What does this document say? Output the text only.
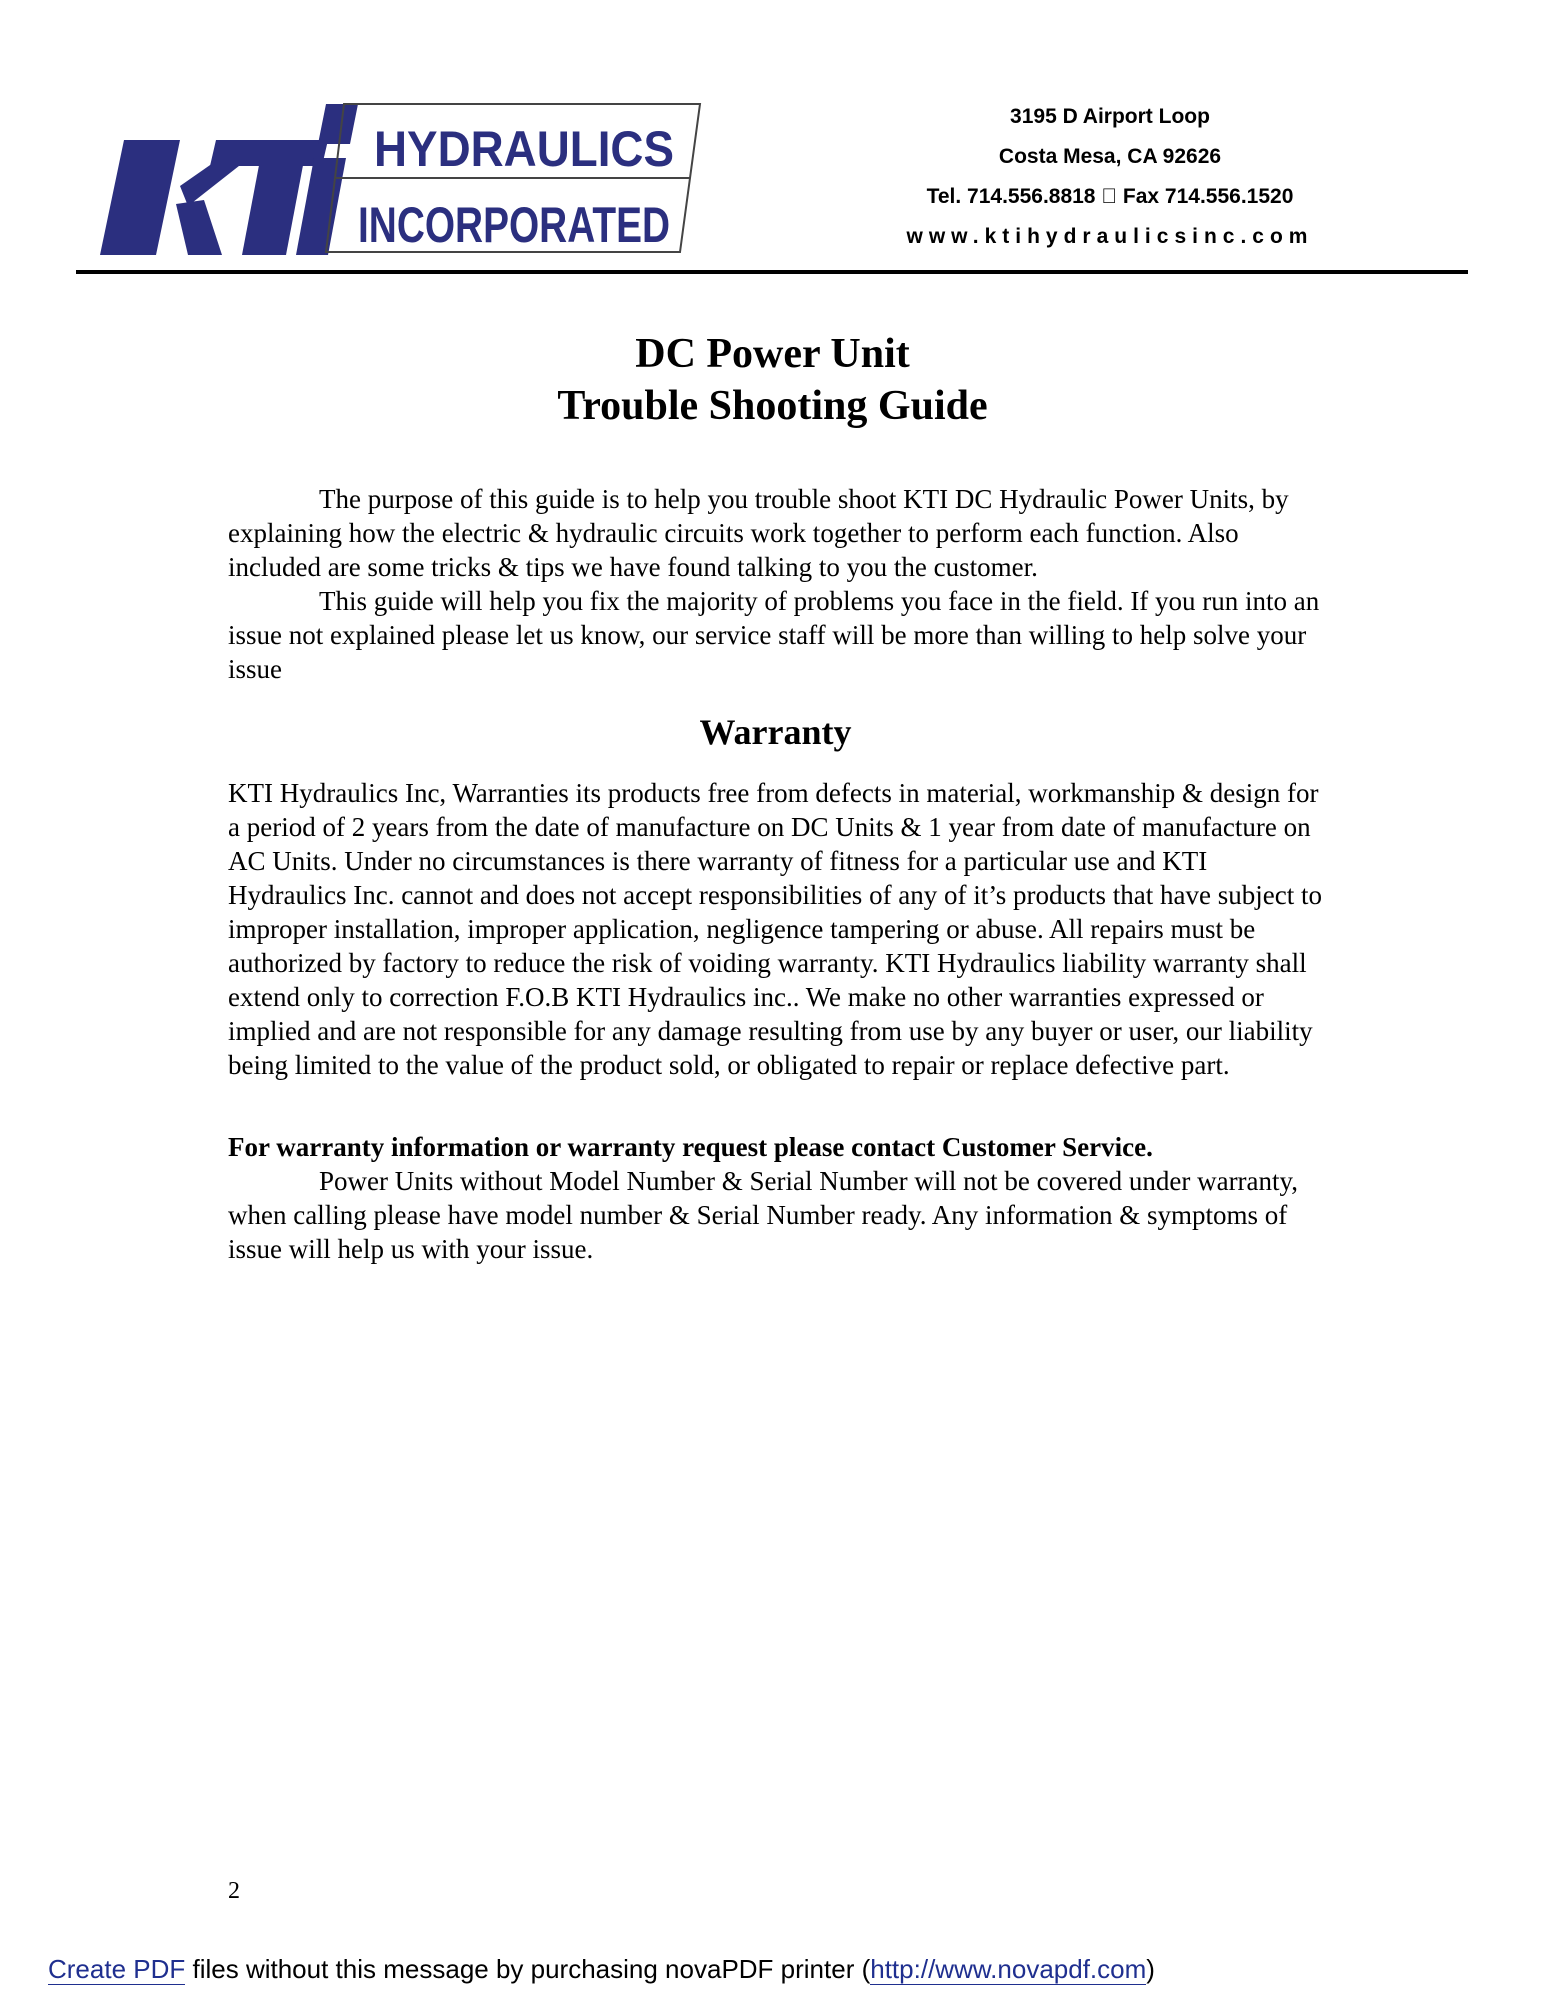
HYDRAULICS
INCORPORATED
3195 D Airport Loop
Costa Mesa, CA 92626
Tel. 714.556.8818 Fax 714.556.1520
www.ktihydraulicsinc.com
DC Power Unit
Trouble Shooting Guide

The purpose of this guide is to help you trouble shoot KTI DC Hydraulic Power Units, by explaining how the electric & hydraulic circuits work together to perform each function. Also included are some tricks & tips we have found talking to you the customer.

This guide will help you fix the majority of problems you face in the field. If you run into an issue not explained please let us know, our service staff will be more than willing to help solve your issue

Warranty

KTI Hydraulics Inc, Warranties its products free from defects in material, workmanship & design for a period of 2 years from the date of manufacture on DC Units & 1 year from date of manufacture on AC Units. Under no circumstances is there warranty of fitness for a particular use and KTI Hydraulics Inc. cannot and does not accept responsibilities of any of it’s products that have subject to improper installation, improper application, negligence tampering or abuse. All repairs must be authorized by factory to reduce the risk of voiding warranty. KTI Hydraulics liability warranty shall extend only to correction F.O.B KTI Hydraulics inc.. We make no other warranties expressed or implied and are not responsible for any damage resulting from use by any buyer or user, our liability being limited to the value of the product sold, or obligated to repair or replace defective part.

For warranty information or warranty request please contact Customer Service.

Power Units without Model Number & Serial Number will not be covered under warranty, when calling please have model number & Serial Number ready. Any information & symptoms of issue will help us with your issue.

2
Create PDF files without this message by purchasing novaPDF printer (http://www.novapdf.com)
